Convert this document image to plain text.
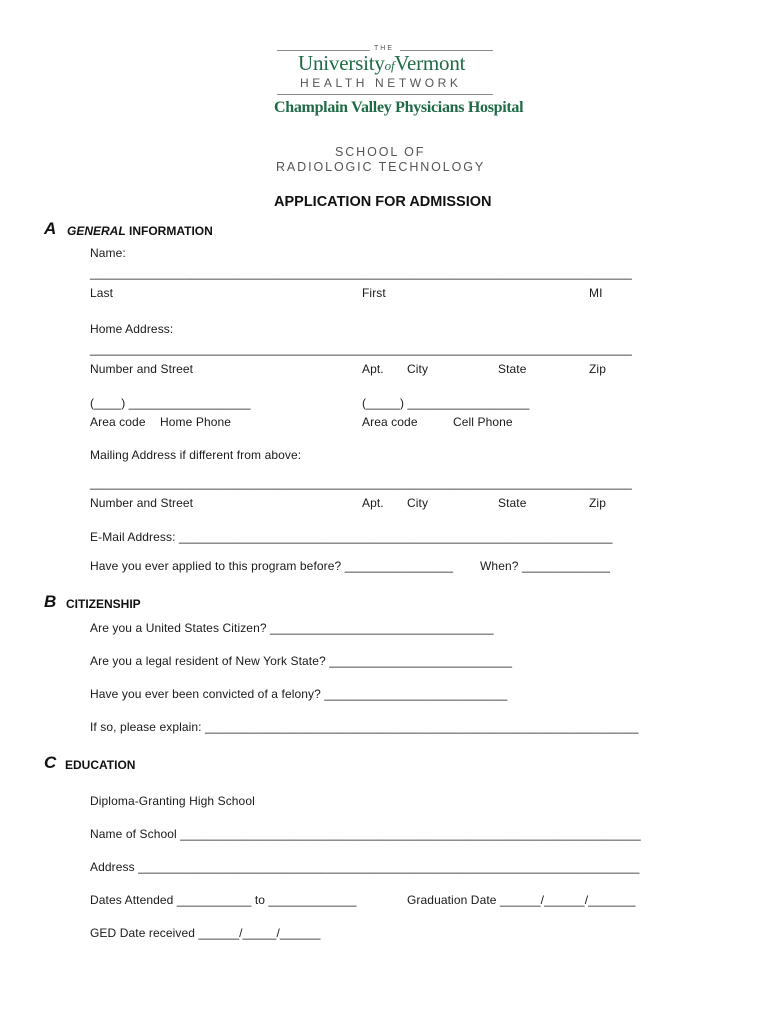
THE
UniversityofVermont
HEALTH NETWORK
Champlain Valley Physicians Hospital
SCHOOL OF
RADIOLOGIC TECHNOLOGY
APPLICATION FOR ADMISSION
A GENERAL INFORMATION
Name:
________________________________________________________________________________
Last	First	MI
Home Address:
________________________________________________________________________________
Number and Street	Apt. City	State	Zip
(____) __________________	(_____) __________________
Area code Home Phone	Area code	Cell Phone
Mailing Address if different from above:
________________________________________________________________________________
Number and Street	Apt. City	State	Zip
E-Mail Address: ________________________________________________________________
Have you ever applied to this program before? ________________ When? _____________
B CITIZENSHIP
Are you a United States Citizen? _________________________________
Are you a legal resident of New York State? ___________________________
Have you ever been convicted of a felony? ___________________________
If so, please explain: ________________________________________________________________
C EDUCATION
Diploma-Granting High School
Name of School ____________________________________________________________________
Address __________________________________________________________________________
Dates Attended ___________ to _____________	Graduation Date ______/______/_______
GED Date received ______/_____/______
